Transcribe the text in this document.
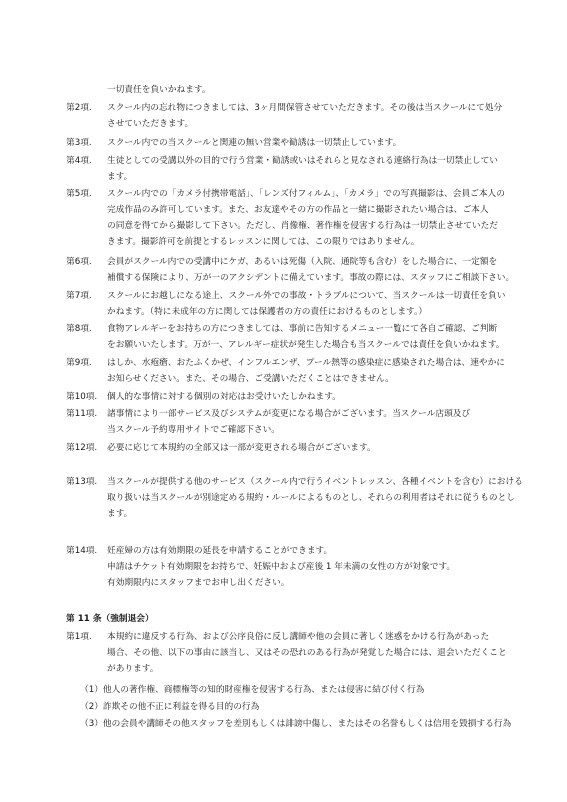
一切責任を負いかねます。
第2項. スクール内の忘れ物につきましては、3ヶ月間保管させていただきます。その後は当スクールにて処分
させていただきます。
第3項. スクール内での当スクールと関連の無い営業や勧誘は一切禁止しています。
第4項. 生徒としての受講以外の目的で行う営業・勧誘或いはそれらと見なされる連絡行為は一切禁止してい
ます。
第5項. スクール内での「カメラ付携帯電話」、「レンズ付フィルム」、「カメラ」での写真撮影は、会員ご本人の
完成作品のみ許可しています。また、お友達やその方の作品と一緒に撮影されたい場合は、ご本人
の同意を得てから撮影して下さい。ただし、肖像権、著作権を侵害する行為は一切禁止させていただ
きます。撮影許可を前提とするレッスンに関しては、この限りではありません。
第6項. 会員がスクール内での受講中にケガ、あるいは死傷（入院、通院等も含む）をした場合に、一定額を
補償する保険により、万が一のアクシデントに備えています。事故の際には、スタッフにご相談下さい。
第7項. スクールにお越しになる途上、スクール外での事故・トラブルについて、当スクールは一切責任を負い
かねます。（特に未成年の方に関しては保護者の方の責任におけるものとします。）
第8項. 食物アレルギーをお持ちの方につきましては、事前に告知するメニュー一覧にて各自ご確認、ご判断
をお願いいたします。万が一、アレルギー症状が発生した場合も当スクールでは責任を負いかねます。
第9項. はしか、水疱瘡、おたふくかぜ、インフルエンザ、プール熱等の感染症に感染された場合は、速やかに
お知らせください。また、その場合、ご受講いただくことはできません。
第10項. 個人的な事情に対する個別の対応はお受けいたしかねます。
第11項. 諸事情により一部サービス及びシステムが変更になる場合がございます。当スクール店頭及び
当スクール予約専用サイトでご確認下さい。
第12項. 必要に応じて本規約の全部又は一部が変更される場合がございます。
第13項. 当スクールが提供する他のサービス（スクール内で行うイベントレッスン、各種イベントを含む）における
取り扱いは当スクールが別途定める規約・ルールによるものとし、それらの利用者はそれに従うものとし
ます。
第14項. 妊産婦の方は有効期限の延長を申請することができます。
申請はチケット有効期限をお持ちで、妊娠中および産後 1 年未満の女性の方が対象です。
有効期限内にスタッフまでお申し出ください。
第 11 条（強制退会）
第1項. 本規約に違反する行為、および公序良俗に反し講師や他の会員に著しく迷惑をかける行為があった
場合、その他、以下の事由に該当し、又はその恐れのある行為が発覚した場合には、退会いただくこと
があります。
（1）他人の著作権、商標権等の知的財産権を侵害する行為、または侵害に結び付く行為
（2）詐欺その他不正に利益を得る目的の行為
（3）他の会員や講師その他スタッフを差別もしくは誹謗中傷し、またはその名誉もしくは信用を毀損する行為
